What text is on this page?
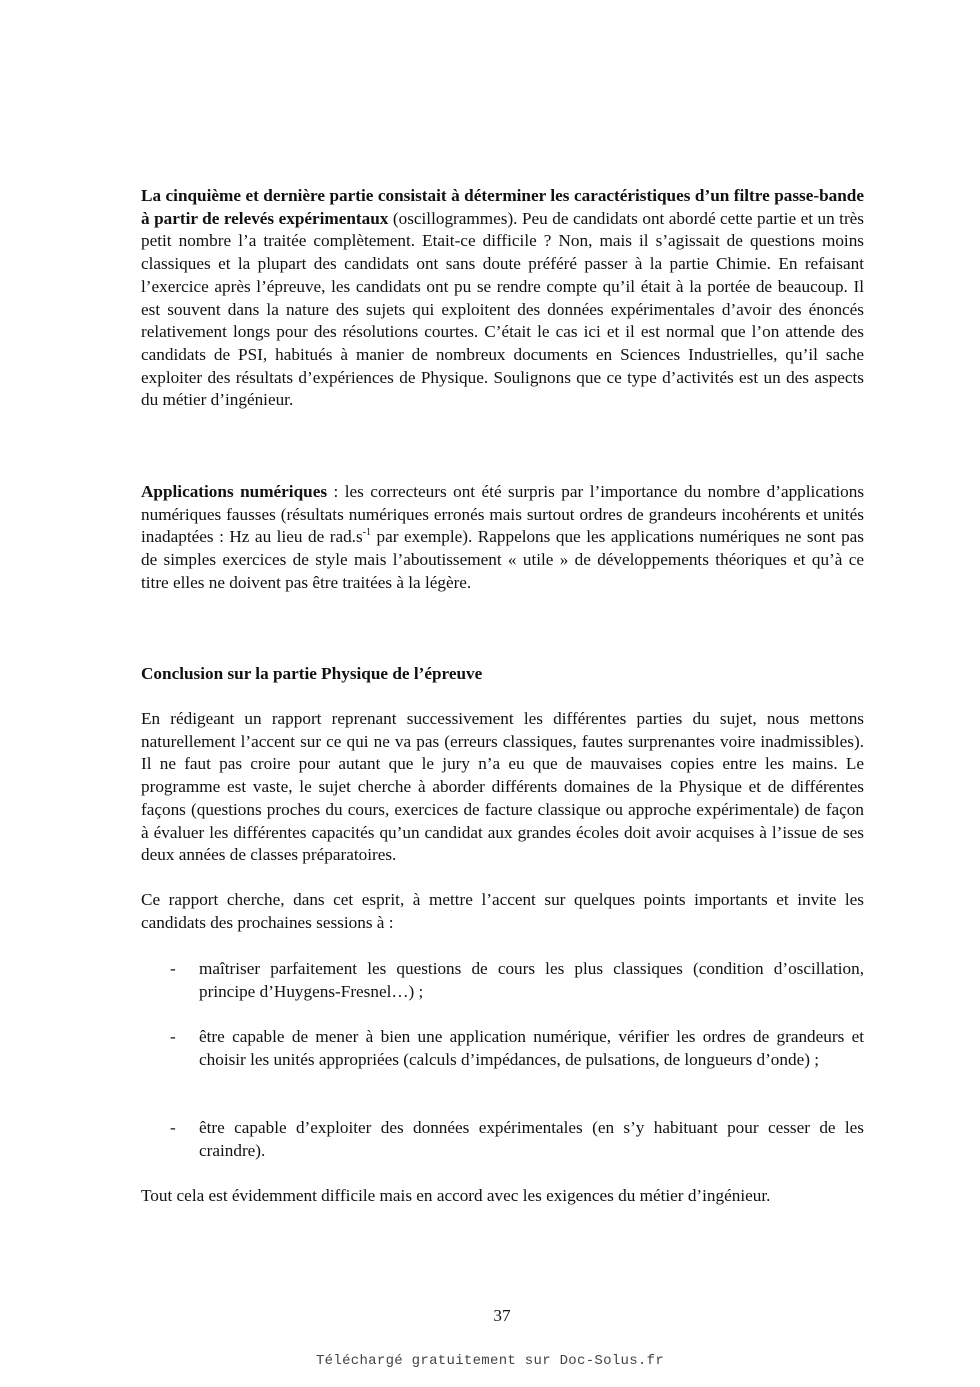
La cinquième et dernière partie consistait à déterminer les caractéristiques d’un filtre passe-bande à partir de relevés expérimentaux (oscillogrammes). Peu de candidats ont abordé cette partie et un très petit nombre l’a traitée complètement. Etait-ce difficile ? Non, mais il s’agissait de questions moins classiques et la plupart des candidats ont sans doute préféré passer à la partie Chimie. En refaisant l’exercice après l’épreuve, les candidats ont pu se rendre compte qu’il était à la portée de beaucoup. Il est souvent dans la nature des sujets qui exploitent des données expérimentales d’avoir des énoncés relativement longs pour des résolutions courtes. C’était le cas ici et il est normal que l’on attende des candidats de PSI, habitués à manier de nombreux documents en Sciences Industrielles, qu’il sache exploiter des résultats d’expériences de Physique. Soulignons que ce type d’activités est un des aspects du métier d’ingénieur.

Applications numériques : les correcteurs ont été surpris par l’importance du nombre d’applications numériques fausses (résultats numériques erronés mais surtout ordres de grandeurs incohérents et unités inadaptées : Hz au lieu de $rad.s^{-1}$ par exemple). Rappelons que les applications numériques ne sont pas de simples exercices de style mais l’aboutissement « utile » de développements théoriques et qu’à ce titre elles ne doivent pas être traitées à la légère.

Conclusion sur la partie Physique de l’épreuve

En rédigeant un rapport reprenant successivement les différentes parties du sujet, nous mettons naturellement l’accent sur ce qui ne va pas (erreurs classiques, fautes surprenantes voire inadmissibles). Il ne faut pas croire pour autant que le jury n’a eu que de mauvaises copies entre les mains. Le programme est vaste, le sujet cherche à aborder différents domaines de la Physique et de différentes façons (questions proches du cours, exercices de facture classique ou approche expérimentale) de façon à évaluer les différentes capacités qu’un candidat aux grandes écoles doit avoir acquises à l’issue de ses deux années de classes préparatoires.

Ce rapport cherche, dans cet esprit, à mettre l’accent sur quelques points importants et invite les candidats des prochaines sessions à :

- maîtriser parfaitement les questions de cours les plus classiques (condition d’oscillation, principe d’Huygens-Fresnel…) ;
- être capable de mener à bien une application numérique, vérifier les ordres de grandeurs et choisir les unités appropriées (calculs d’impédances, de pulsations, de longueurs d’onde) ;
- être capable d’exploiter des données expérimentales (en s’y habituant pour cesser de les craindre).

Tout cela est évidemment difficile mais en accord avec les exigences du métier d’ingénieur.

37
Téléchargé gratuitement sur Doc-Solus.fr
